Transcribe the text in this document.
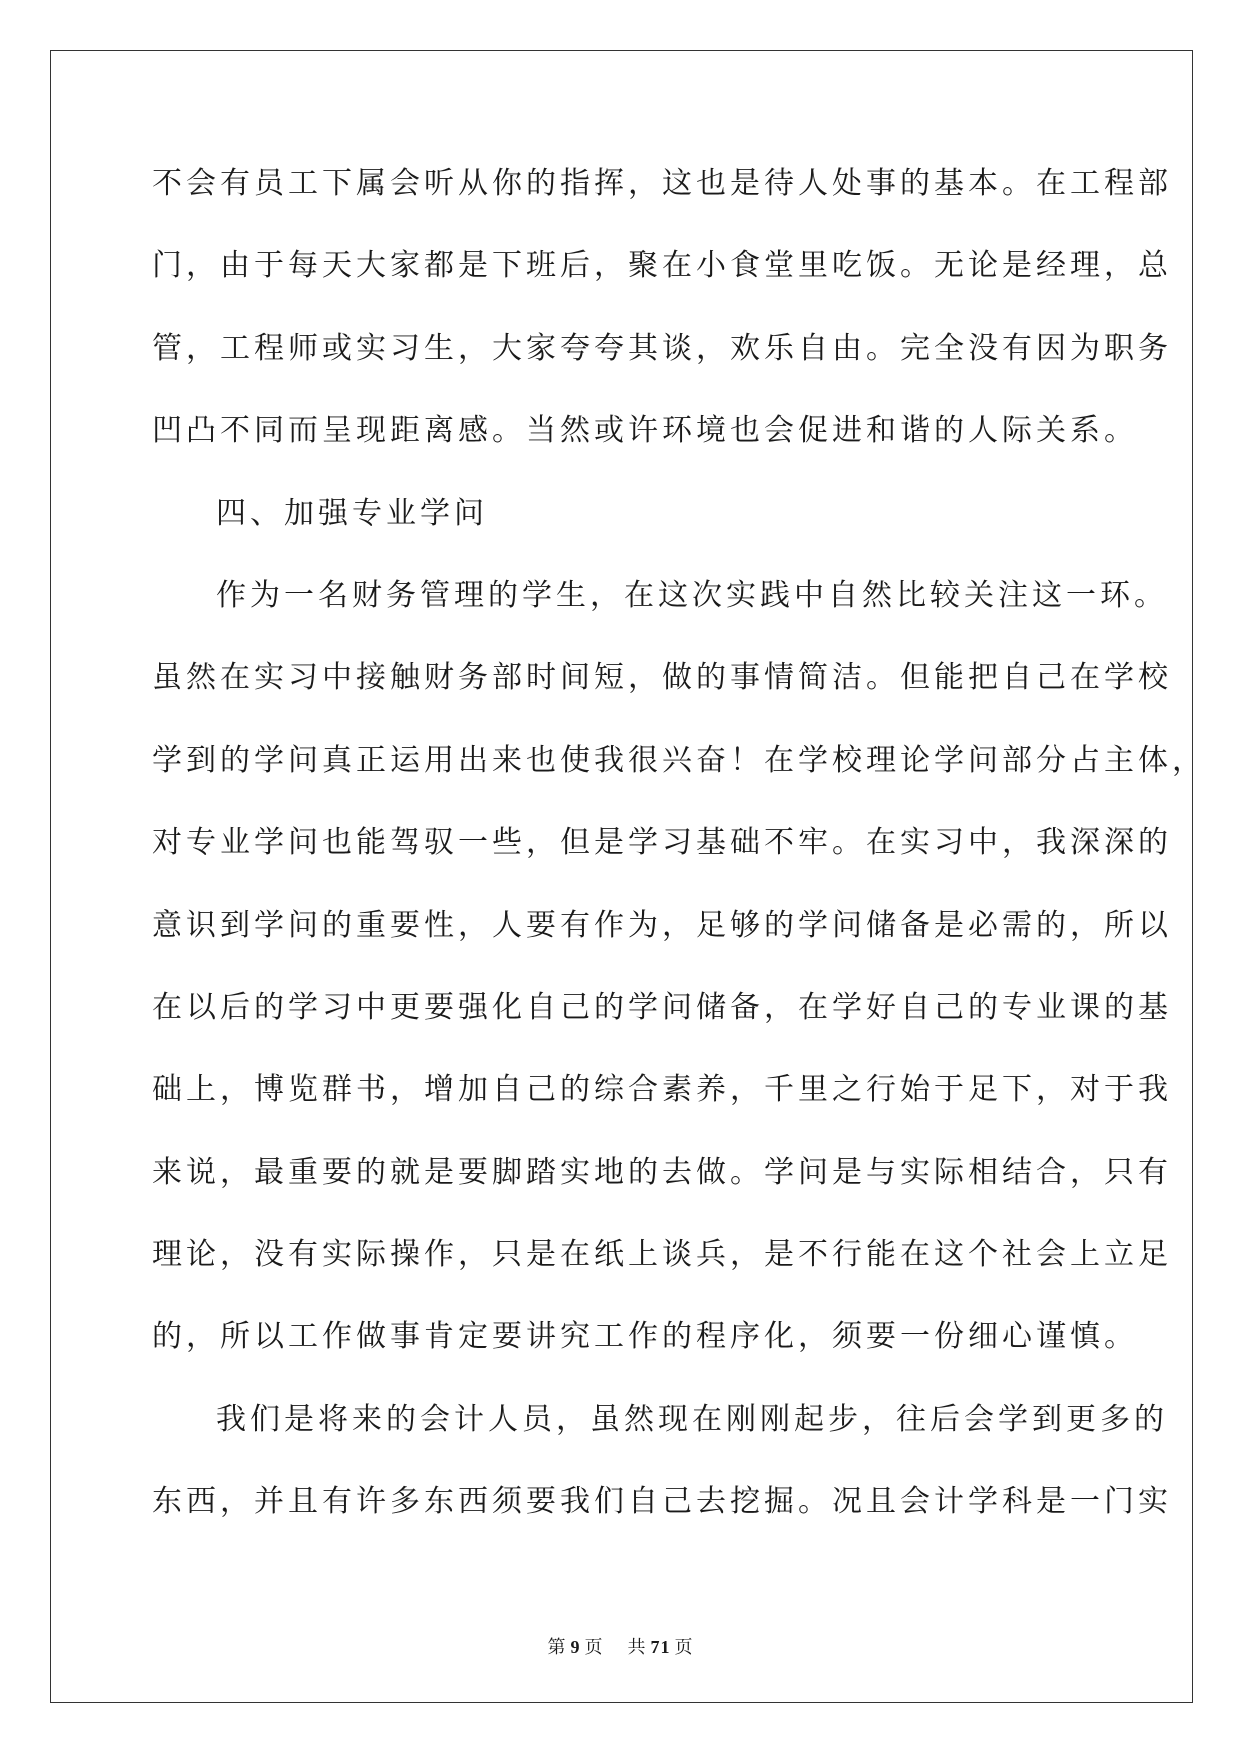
不会有员工下属会听从你的指挥，这也是待人处事的基本。在工程部
门，由于每天大家都是下班后，聚在小食堂里吃饭。无论是经理，总
管，工程师或实习生，大家夸夸其谈，欢乐自由。完全没有因为职务
凹凸不同而呈现距离感。当然或许环境也会促进和谐的人际关系。
四、加强专业学问
作为一名财务管理的学生，在这次实践中自然比较关注这一环。
虽然在实习中接触财务部时间短，做的事情简洁。但能把自己在学校
学到的学问真正运用出来也使我很兴奋！在学校理论学问部分占主体，
对专业学问也能驾驭一些，但是学习基础不牢。在实习中，我深深的
意识到学问的重要性，人要有作为，足够的学问储备是必需的，所以
在以后的学习中更要强化自己的学问储备，在学好自己的专业课的基
础上，博览群书，增加自己的综合素养，千里之行始于足下，对于我
来说，最重要的就是要脚踏实地的去做。学问是与实际相结合，只有
理论，没有实际操作，只是在纸上谈兵，是不行能在这个社会上立足
的，所以工作做事肯定要讲究工作的程序化，须要一份细心谨慎。
我们是将来的会计人员，虽然现在刚刚起步，往后会学到更多的
东西，并且有许多东西须要我们自己去挖掘。况且会计学科是一门实
第 9 页 共 71 页
